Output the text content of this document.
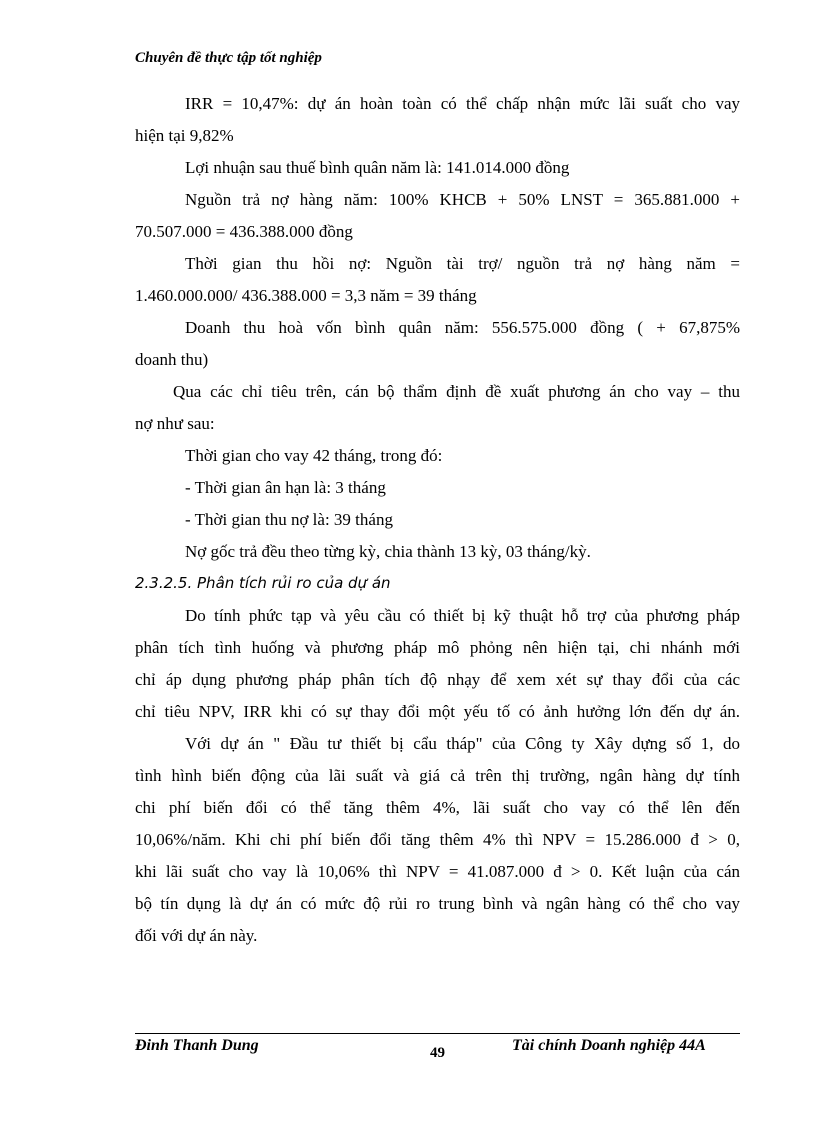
Chuyên đề thực tập tốt nghiệp
IRR = 10,47%: dự án hoàn toàn có thể chấp nhận mức lãi suất cho vay
hiện tại 9,82%
Lợi nhuận sau thuế bình quân năm là: 141.014.000 đồng
Nguồn trả nợ hàng năm: 100% KHCB + 50% LNST = 365.881.000 +
70.507.000 = 436.388.000 đồng
Thời gian thu hồi nợ: Nguồn tài trợ/ nguồn trả nợ hàng năm =
1.460.000.000/ 436.388.000 = 3,3 năm = 39 tháng
Doanh thu hoà vốn bình quân năm: 556.575.000 đồng ( + 67,875%
doanh thu)
Qua các chỉ tiêu trên, cán bộ thẩm định đề xuất phương án cho vay – thu
nợ như sau:
Thời gian cho vay 42 tháng, trong đó:
- Thời gian ân hạn là: 3 tháng
- Thời gian thu nợ là: 39 tháng
Nợ gốc trả đều theo từng kỳ, chia thành 13 kỳ, 03 tháng/kỳ.
2.3.2.5. Phân tích rủi ro của dự án
Do tính phức tạp và yêu cầu có thiết bị kỹ thuật hỗ trợ của phương pháp
phân tích tình huống và phương pháp mô phỏng nên hiện tại, chi nhánh mới
chỉ áp dụng phương pháp phân tích độ nhạy để xem xét sự thay đổi của các
chỉ tiêu NPV, IRR khi có sự thay đổi một yếu tố có ảnh hưởng lớn đến dự án.
Với dự án " Đầu tư thiết bị cẩu tháp" của Công ty Xây dựng số 1, do
tình hình biến động của lãi suất và giá cả trên thị trường, ngân hàng dự tính
chi phí biến đổi có thể tăng thêm 4%, lãi suất cho vay có thể lên đến
10,06%/năm. Khi chi phí biến đổi tăng thêm 4% thì NPV = 15.286.000 đ > 0,
khi lãi suất cho vay là 10,06% thì NPV = 41.087.000 đ > 0. Kết luận của cán
bộ tín dụng là dự án có mức độ rủi ro trung bình và ngân hàng có thể cho vay
đối với dự án này.
Đinh Thanh Dung	49	Tài chính Doanh nghiệp 44A
